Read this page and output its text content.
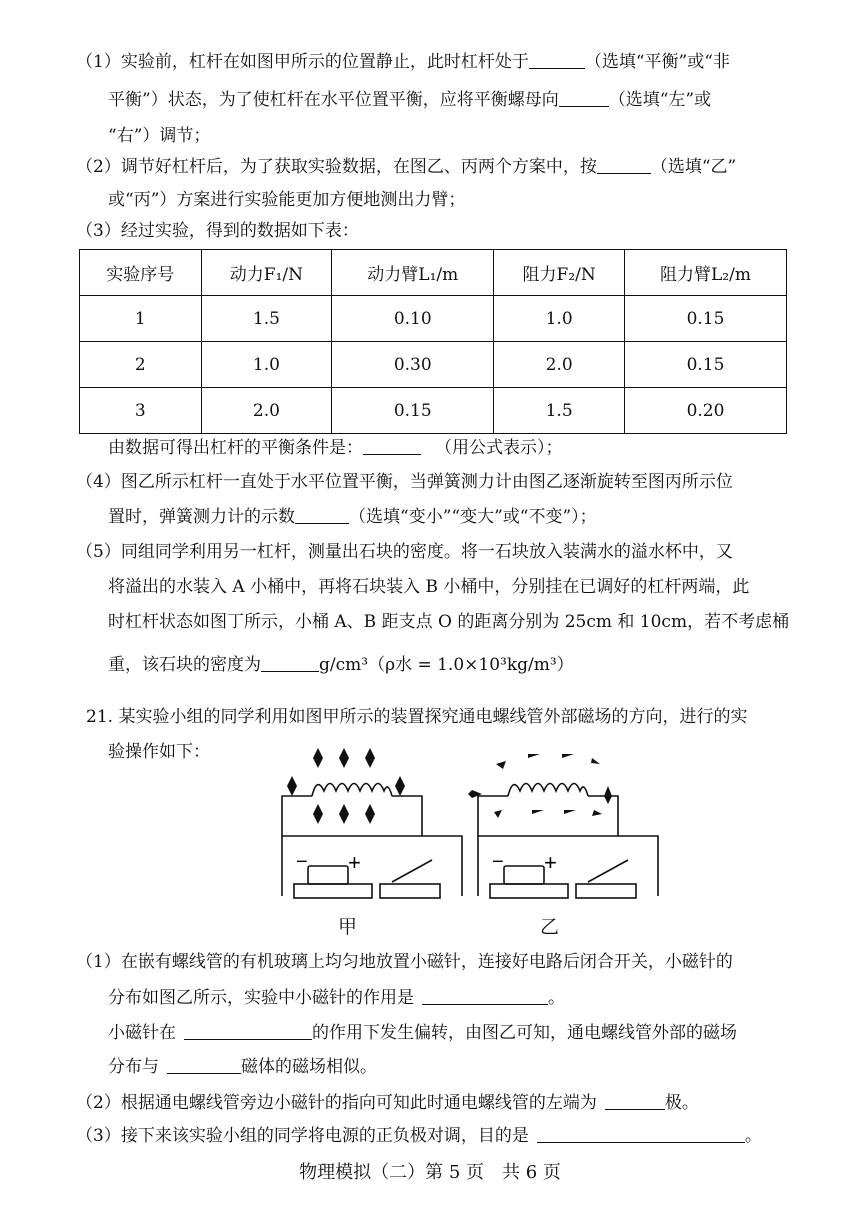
（1）实验前，杠杆在如图甲所示的位置静止，此时杠杆处于	（选填“平衡”或“非
平衡”）状态，为了使杠杆在水平位置平衡，应将平衡螺母向	（选填“左”或
“右”）调节；
（2）调节好杠杆后，为了获取实验数据，在图乙、丙两个方案中，按	（选填“乙”
或“丙”）方案进行实验能更加方便地测出力臂；
（3）经过实验，得到的数据如下表：
实验序号	动力F₁/N	动力臂L₁/m	阻力F₂/N	阻力臂L₂/m
1	1.5	0.10	1.0	0.15
2	1.0	0.30	2.0	0.15
3	2.0	0.15	1.5	0.20
由数据可得出杠杆的平衡条件是：	（用公式表示）；
（4）图乙所示杠杆一直处于水平位置平衡，当弹簧测力计由图乙逐渐旋转至图丙所示位
置时，弹簧测力计的示数	（选填“变小”“变大”或“不变”）；
（5）同组同学利用另一杠杆，测量出石块的密度。将一石块放入装满水的溢水杯中，又
将溢出的水装入 A 小桶中，再将石块装入 B 小桶中，分别挂在已调好的杠杆两端，此
时杠杆状态如图丁所示，小桶 A、B 距支点 O 的距离分别为 25cm 和 10cm，若不考虑桶
重，该石块的密度为	g/cm³（ρ水 = 1.0×10³kg/m³）
21. 某实验小组的同学利用如图甲所示的装置探究通电螺线管外部磁场的方向，进行的实
验操作如下：
− +	− +
甲	乙
（1）在嵌有螺线管的有机玻璃上均匀地放置小磁针，连接好电路后闭合开关，小磁针的
分布如图乙所示，实验中小磁针的作用是	。
小磁针在	的作用下发生偏转，由图乙可知，通电螺线管外部的磁场
分布与	磁体的磁场相似。
（2）根据通电螺线管旁边小磁针的指向可知此时通电螺线管的左端为	极。
（3）接下来该实验小组的同学将电源的正负极对调，目的是	。
物理模拟（二）第 5 页　共 6 页
